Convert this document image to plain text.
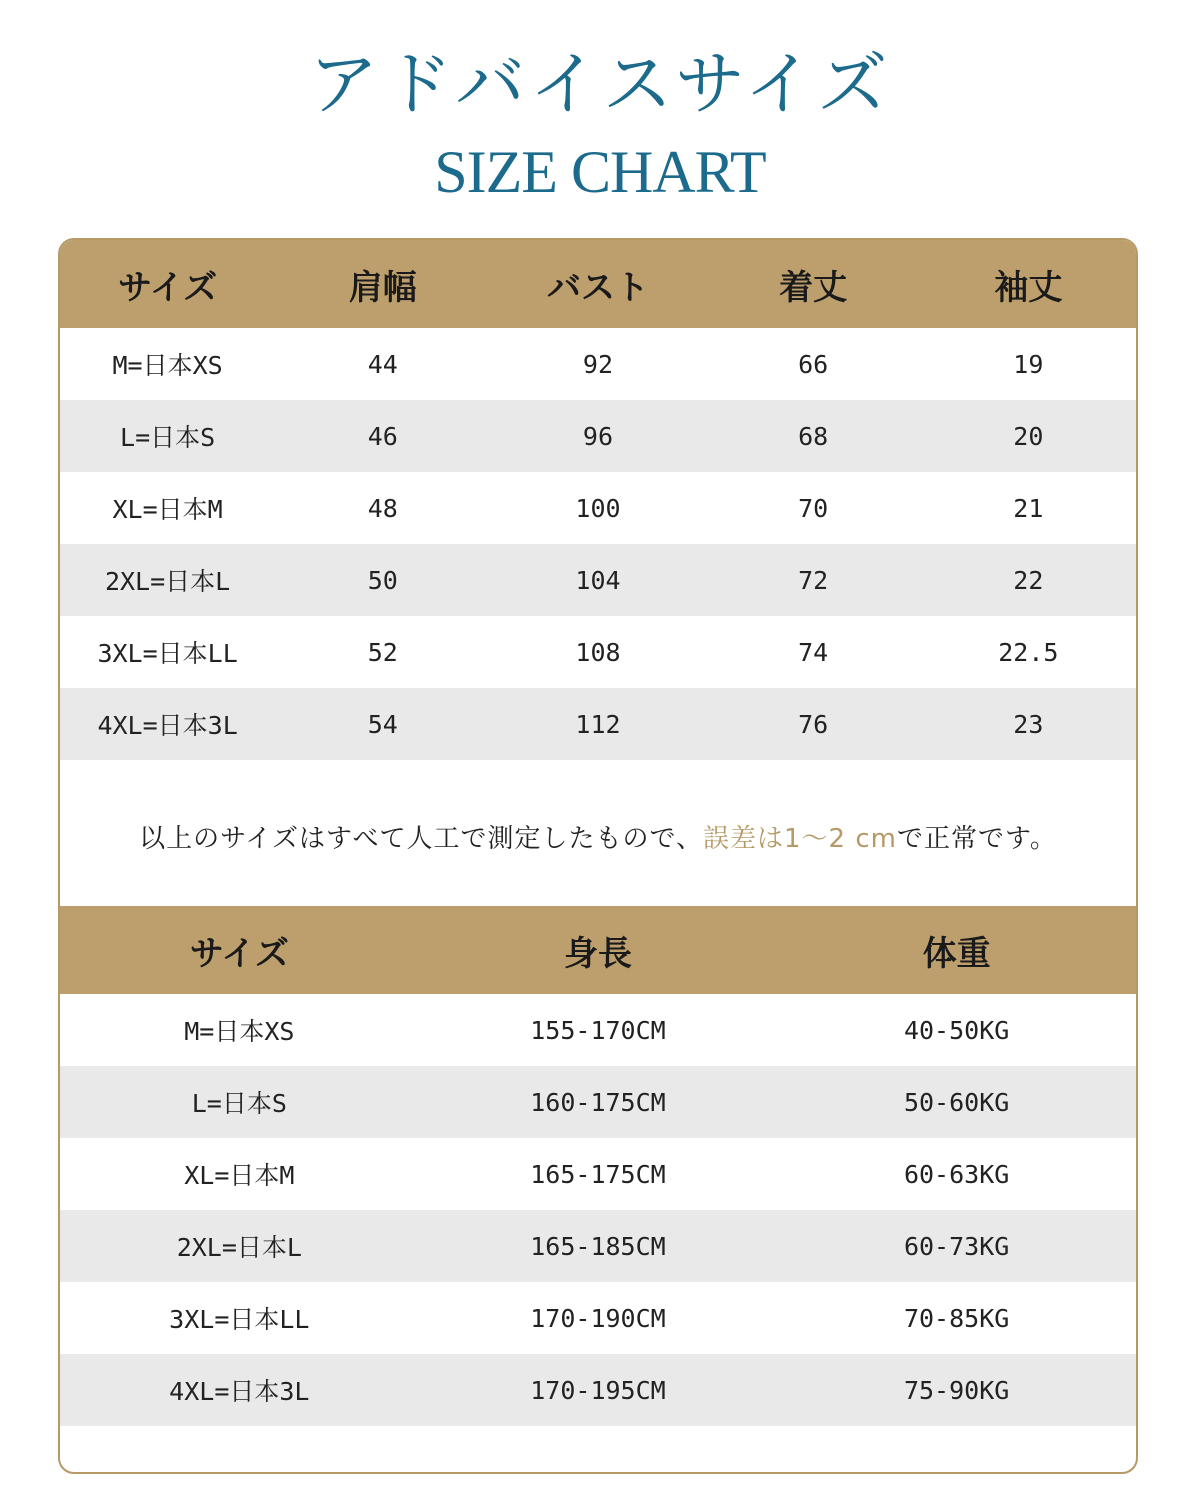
アドバイスサイズ
SIZE CHART
サイズ	肩幅	バスト	着丈	袖丈
M=日本XS	44	92	66	19
L=日本S	46	96	68	20
XL=日本M	48	100	70	21
2XL=日本L	50	104	72	22
3XL=日本LL	52	108	74	22.5
4XL=日本3L	54	112	76	23
以上のサイズはすべて人工で測定したもので、誤差は1～2 cmで正常です。
サイズ	身長	体重
M=日本XS	155-170CM	40-50KG
L=日本S	160-175CM	50-60KG
XL=日本M	165-175CM	60-63KG
2XL=日本L	165-185CM	60-73KG
3XL=日本LL	170-190CM	70-85KG
4XL=日本3L	170-195CM	75-90KG
